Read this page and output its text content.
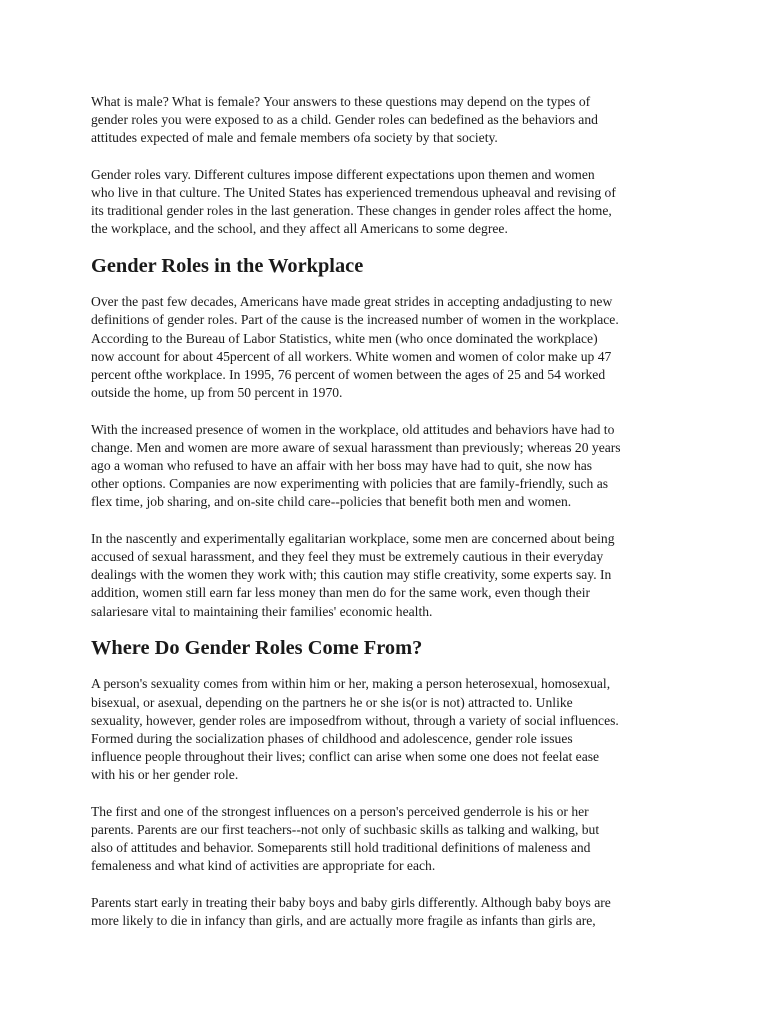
What is male? What is female? Your answers to these questions may depend on the types of
gender roles you were exposed to as a child. Gender roles can bedefined as the behaviors and
attitudes expected of male and female members ofa society by that society.

Gender roles vary. Different cultures impose different expectations upon themen and women
who live in that culture. The United States has experienced tremendous upheaval and revising of
its traditional gender roles in the last generation. These changes in gender roles affect the home,
the workplace, and the school, and they affect all Americans to some degree.

Gender Roles in the Workplace

Over the past few decades, Americans have made great strides in accepting andadjusting to new
definitions of gender roles. Part of the cause is the increased number of women in the workplace.
According to the Bureau of Labor Statistics, white men (who once dominated the workplace)
now account for about 45percent of all workers. White women and women of color make up 47
percent ofthe workplace. In 1995, 76 percent of women between the ages of 25 and 54 worked
outside the home, up from 50 percent in 1970.

With the increased presence of women in the workplace, old attitudes and behaviors have had to
change. Men and women are more aware of sexual harassment than previously; whereas 20 years
ago a woman who refused to have an affair with her boss may have had to quit, she now has
other options. Companies are now experimenting with policies that are family-friendly, such as
flex time, job sharing, and on-site child care--policies that benefit both men and women.

In the nascently and experimentally egalitarian workplace, some men are concerned about being
accused of sexual harassment, and they feel they must be extremely cautious in their everyday
dealings with the women they work with; this caution may stifle creativity, some experts say. In
addition, women still earn far less money than men do for the same work, even though their
salariesare vital to maintaining their families' economic health.

Where Do Gender Roles Come From?

A person's sexuality comes from within him or her, making a person heterosexual, homosexual,
bisexual, or asexual, depending on the partners he or she is(or is not) attracted to. Unlike
sexuality, however, gender roles are imposedfrom without, through a variety of social influences.
Formed during the socialization phases of childhood and adolescence, gender role issues
influence people throughout their lives; conflict can arise when some one does not feelat ease
with his or her gender role.

The first and one of the strongest influences on a person's perceived genderrole is his or her
parents. Parents are our first teachers--not only of suchbasic skills as talking and walking, but
also of attitudes and behavior. Someparents still hold traditional definitions of maleness and
femaleness and what kind of activities are appropriate for each.

Parents start early in treating their baby boys and baby girls differently. Although baby boys are
more likely to die in infancy than girls, and are actually more fragile as infants than girls are,
